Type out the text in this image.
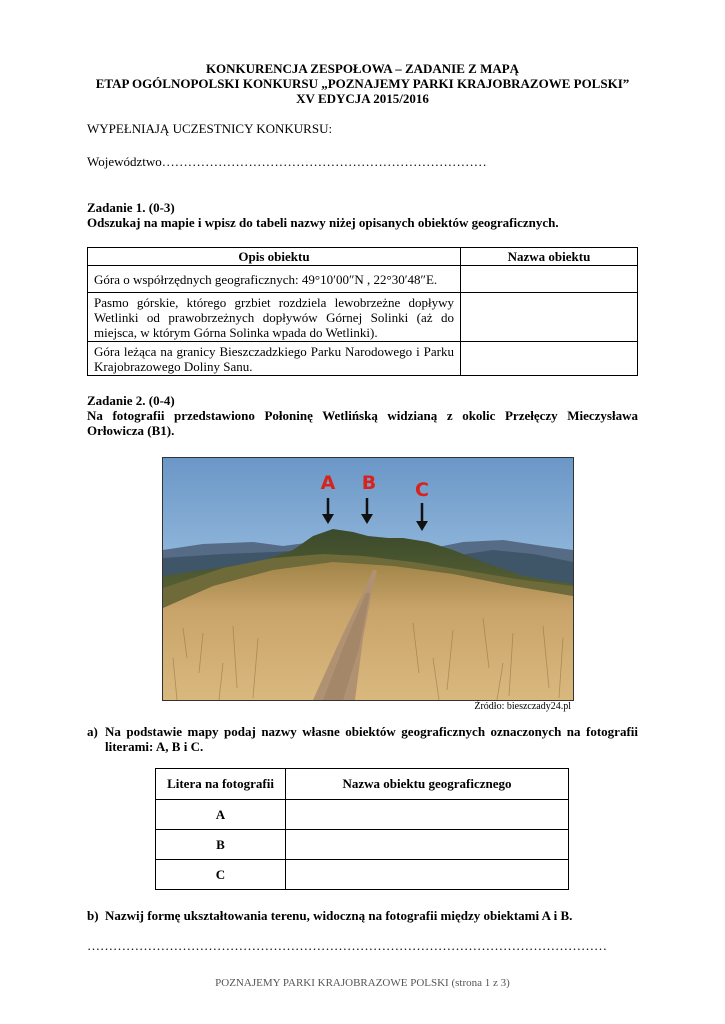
KONKURENCJA ZESPOŁOWA – ZADANIE Z MAPĄ
ETAP OGÓLNOPOLSKI KONKURSU „POZNAJEMY PARKI KRAJOBRAZOWE POLSKI”
XV EDYCJA 2015/2016
WYPEŁNIAJĄ UCZESTNICY KONKURSU:
Województwo…………………………………………………………………
Zadanie 1. (0-3)
Odszukaj na mapie i wpisz do tabeli nazwy niżej opisanych obiektów geograficznych.
Opis obiektu	Nazwa obiektu
Góra o współrzędnych geograficznych: 49°10′00″N , 22°30′48″E.	
Pasmo górskie, którego grzbiet rozdziela lewobrzeżne dopływy Wetlinki od prawobrzeżnych dopływów Górnej Solinki (aż do miejsca, w którym Górna Solinka wpada do Wetlinki).	
Góra leżąca na granicy Bieszczadzkiego Parku Narodowego i Parku Krajobrazowego Doliny Sanu.	
Zadanie 2. (0-4)
Na fotografii przedstawiono Połoninę Wetlińską widzianą z okolic Przełęczy Mieczysława Orłowicza (B1).
A B C
Źródło: bieszczady24.pl
a) Na podstawie mapy podaj nazwy własne obiektów geograficznych oznaczonych na fotografii literami: A, B i C.
Litera na fotografii	Nazwa obiektu geograficznego
A	
B	
C	
b) Nazwij formę ukształtowania terenu, widoczną na fotografii między obiektami A i B.
…………………………………………………………………………………………………………
POZNAJEMY PARKI KRAJOBRAZOWE POLSKI (strona 1 z 3)
